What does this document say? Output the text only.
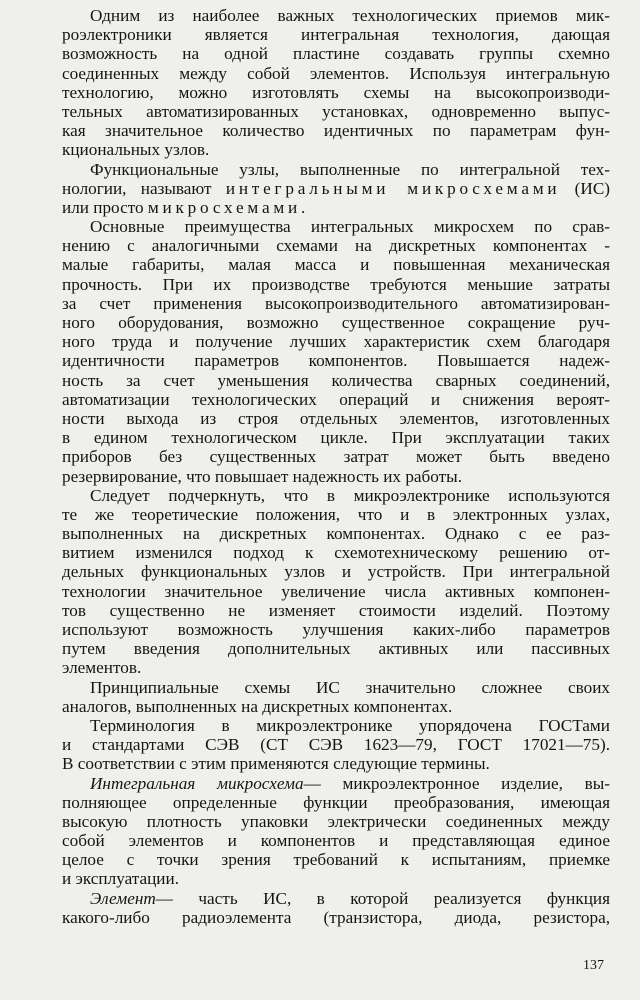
Одним из наиболее важных технологических приемов мик-
роэлектроники является интегральная технология, дающая
возможность на одной пластине создавать группы схемно
соединенных между собой элементов. Используя интегральную
технологию, можно изготовлять схемы на высокопроизводи-
тельных автоматизированных установках, одновременно выпус-
кая значительное количество идентичных по параметрам фун-
кциональных узлов.
Функциональные узлы, выполненные по интегральной тех-
нологии, называют интегральными микросхемами (ИС)
или просто микросхемами.
Основные преимущества интегральных микросхем по срав-
нению с аналогичными схемами на дискретных компонентах -
малые габариты, малая масса и повышенная механическая
прочность. При их производстве требуются меньшие затраты
за счет применения высокопроизводительного автоматизирован-
ного оборудования, возможно существенное сокращение руч-
ного труда и получение лучших характеристик схем благодаря
идентичности параметров компонентов. Повышается надеж-
ность за счет уменьшения количества сварных соединений,
автоматизации технологических операций и снижения вероят-
ности выхода из строя отдельных элементов, изготовленных
в едином технологическом цикле. При эксплуатации таких
приборов без существенных затрат может быть введено
резервирование, что повышает надежность их работы.
Следует подчеркнуть, что в микроэлектронике используются
те же теоретические положения, что и в электронных узлах,
выполненных на дискретных компонентах. Однако с ее раз-
витием изменился подход к схемотехническому решению от-
дельных функциональных узлов и устройств. При интегральной
технологии значительное увеличение числа активных компонен-
тов существенно не изменяет стоимости изделий. Поэтому
используют возможность улучшения каких-либо параметров
путем введения дополнительных активных или пассивных
элементов.
Принципиальные схемы ИС значительно сложнее своих
аналогов, выполненных на дискретных компонентах.
Терминология в микроэлектронике упорядочена ГОСТами
и стандартами СЭВ (СТ СЭВ 1623—79, ГОСТ 17021—75).
В соответствии с этим применяются следующие термины.
Интегральная микросхема— микроэлектронное изделие, вы-
полняющее определенные функции преобразования, имеющая
высокую плотность упаковки электрически соединенных между
собой элементов и компонентов и представляющая единое
целое с точки зрения требований к испытаниям, приемке
и эксплуатации.
Элемент— часть ИС, в которой реализуется функция
какого-либо радиоэлемента (транзистора, диода, резистора,
137
